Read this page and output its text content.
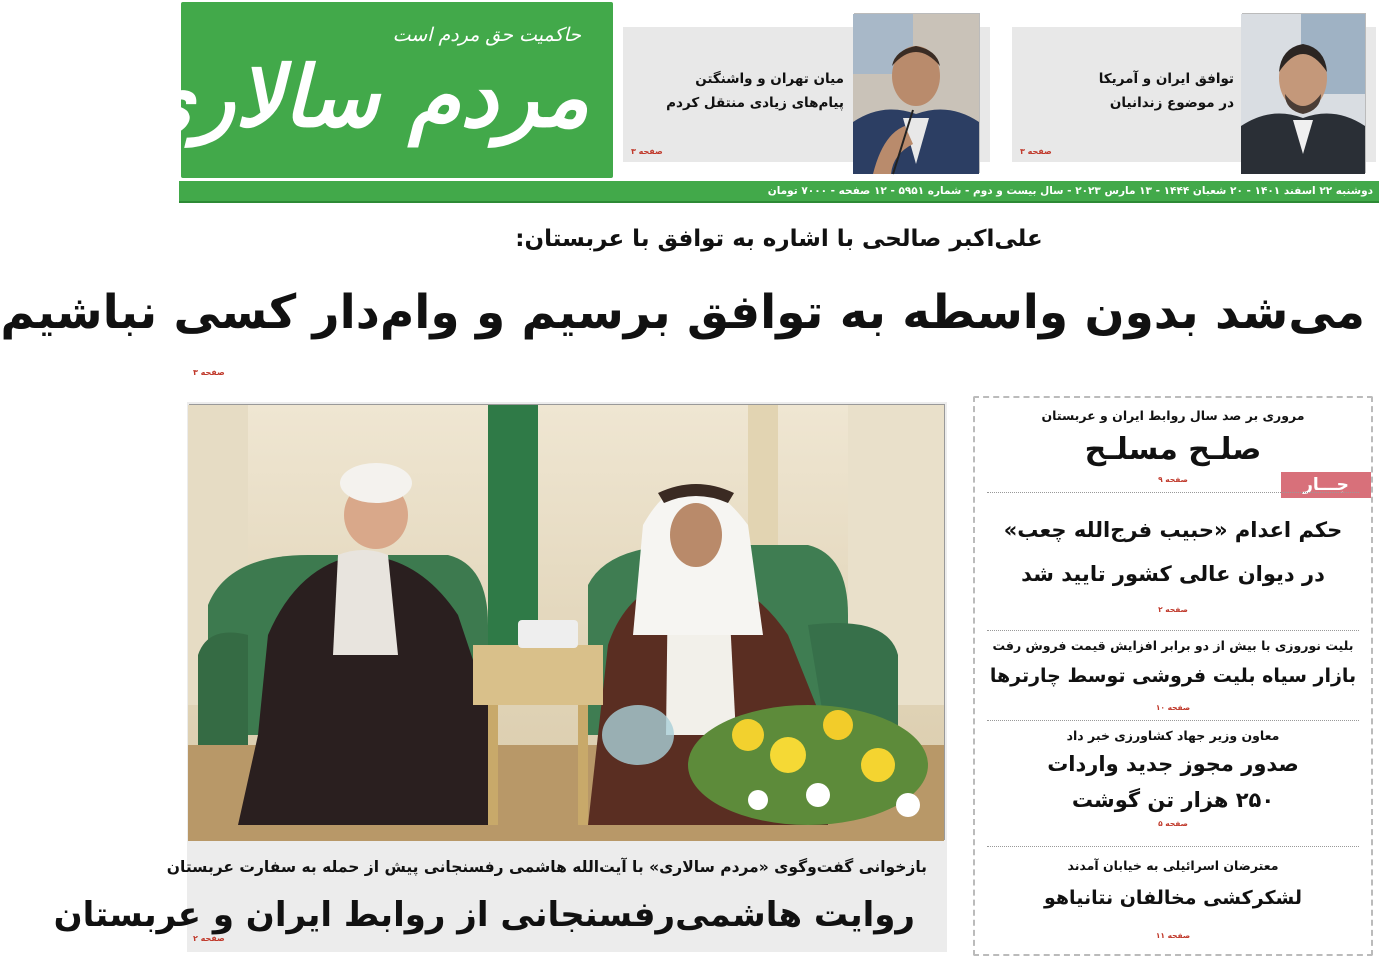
حاکمیت حق مردم است
مردم سالاری	میان تهران و واشنگتن
پیام‌های زیادی منتقل کردم
صفحه ۳
توافق ایران و آمریکا
در موضوع زندانیان
صفحه ۳
دوشنبه ۲۲ اسفند ۱۴۰۱ - ۲۰ شعبان ۱۴۴۴ - ۱۳ مارس ۲۰۲۳ - سال بیست و دوم - شماره ۵۹۵۱ - ۱۲ صفحه - ۷۰۰۰ تومان
علی‌اکبر صالحی با اشاره به توافق با عربستان:
می‌شد بدون واسطه به توافق برسیم و وام‌دار کسی نباشیم
صفحه ۳
بازخوانی گفت‌وگوی «مردم سالاری» با آیت‌الله هاشمی رفسنجانی پیش از حمله به سفارت عربستان
روایت هاشمی‌رفسنجانی از روابط ایران و عربستان
صفحه ۲
جـــار
مروری بر صد سال روابط ایران و عربستان
صلـح مسلـح
صفحه ۹
حکم اعدام «حبیب فرج‌الله چعب»
در دیوان عالی کشور تایید شد
صفحه ۲
بلیت نوروزی با بیش از دو برابر افزایش قیمت فروش رفت
بازار سیاه بلیت فروشی توسط چارترها
صفحه ۱۰
معاون وزیر جهاد کشاورزی خبر داد
صدور مجوز جدید واردات
۲۵۰ هزار تن گوشت
صفحه ۵
معترضان اسرائیلی به خیابان آمدند
لشکرکشی مخالفان نتانیاهو
صفحه ۱۱
